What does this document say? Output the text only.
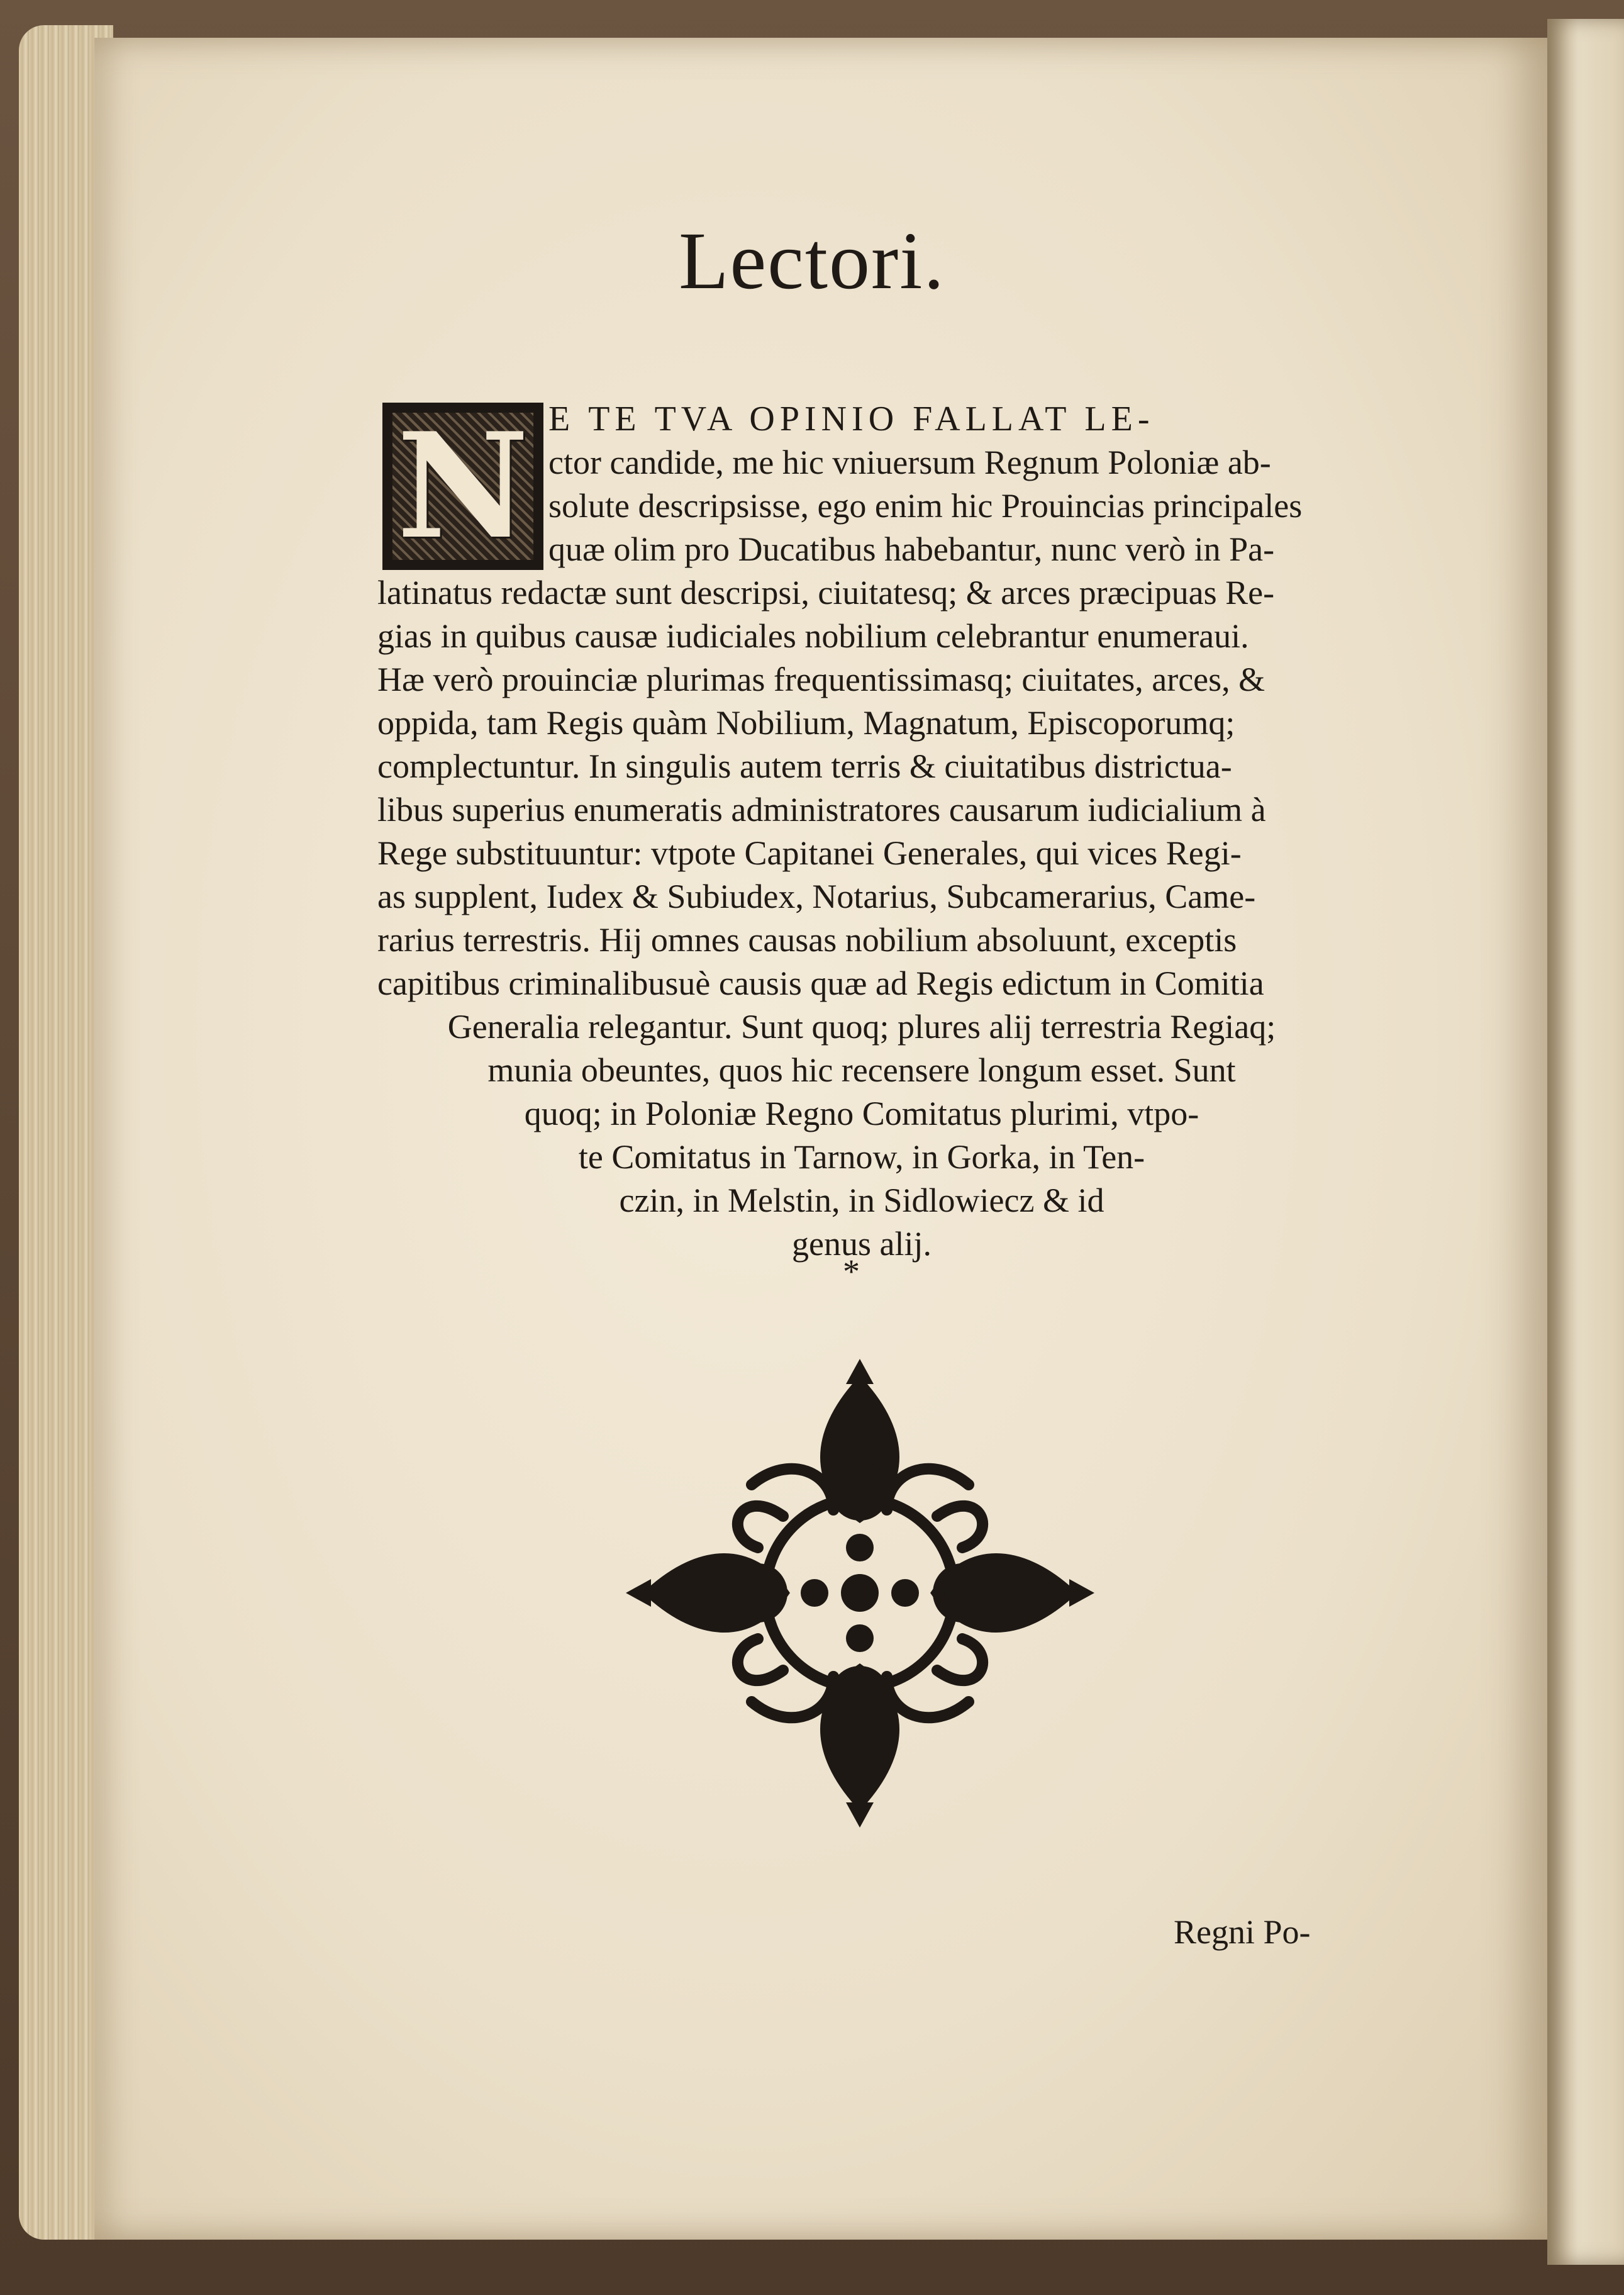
Lectori.
N E TE TVA OPINIO FALLAT LE-
ctor candide, me hic vniuersum Regnum Poloniæ ab-
solute descripsisse, ego enim hic Prouincias principales
quæ olim pro Ducatibus habebantur, nunc verò in Pa-
latinatus redactæ sunt descripsi, ciuitatesq; & arces præcipuas Re-
gias in quibus causæ iudiciales nobilium celebrantur enumeraui.
Hæ verò prouinciæ plurimas frequentissimasq; ciuitates, arces, &
oppida, tam Regis quàm Nobilium, Magnatum, Episcoporumq;
complectuntur. In singulis autem terris & ciuitatibus districtua-
libus superius enumeratis administratores causarum iudicialium à
Rege substituuntur: vtpote Capitanei Generales, qui vices Regi-
as supplent, Iudex & Subiudex, Notarius, Subcamerarius, Came-
rarius terrestris. Hij omnes causas nobilium absoluunt, exceptis
capitibus criminalibusuè causis quæ ad Regis edictum in Comitia
Generalia relegantur. Sunt quoq; plures alij terrestria Regiaq;
munia obeuntes, quos hic recensere longum esset. Sunt
quoq; in Poloniæ Regno Comitatus plurimi, vtpo-
te Comitatus in Tarnow, in Gorka, in Ten-
czin, in Melstin, in Sidlowiecz & id
genus alij.
*
Regni Po-
